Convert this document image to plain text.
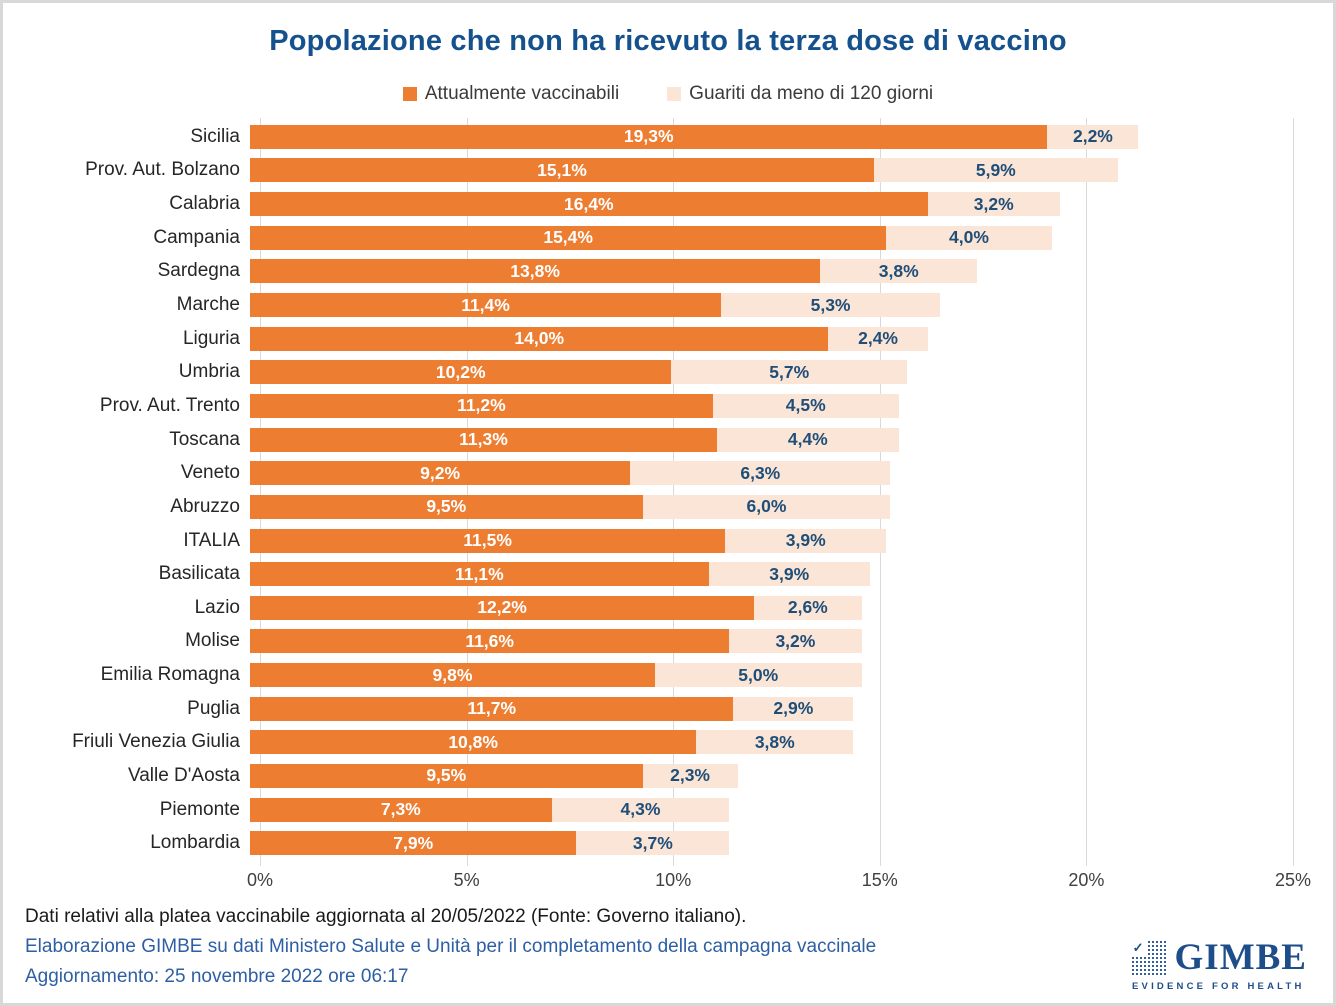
Popolazione che non ha ricevuto la terza dose di vaccino
Attualmente vaccinabili	Guariti da meno di 120 giorni
Sicilia	19,3%	2,2%
Prov. Aut. Bolzano	15,1%	5,9%
Calabria	16,4%	3,2%
Campania	15,4%	4,0%
Sardegna	13,8%	3,8%
Marche	11,4%	5,3%
Liguria	14,0%	2,4%
Umbria	10,2%	5,7%
Prov. Aut. Trento	11,2%	4,5%
Toscana	11,3%	4,4%
Veneto	9,2%	6,3%
Abruzzo	9,5%	6,0%
ITALIA	11,5%	3,9%
Basilicata	11,1%	3,9%
Lazio	12,2%	2,6%
Molise	11,6%	3,2%
Emilia Romagna	9,8%	5,0%
Puglia	11,7%	2,9%
Friuli Venezia Giulia	10,8%	3,8%
Valle D'Aosta	9,5%	2,3%
Piemonte	7,3%	4,3%
Lombardia	7,9%	3,7%
0%	5%	10%	15%	20%	25%
Dati relativi alla platea vaccinabile aggiornata al 20/05/2022 (Fonte: Governo italiano).
Elaborazione GIMBE su dati Ministero Salute e Unità per il completamento della campagna vaccinale
Aggiornamento: 25 novembre 2022 ore 06:17
✓ GIMBE
EVIDENCE FOR HEALTH
